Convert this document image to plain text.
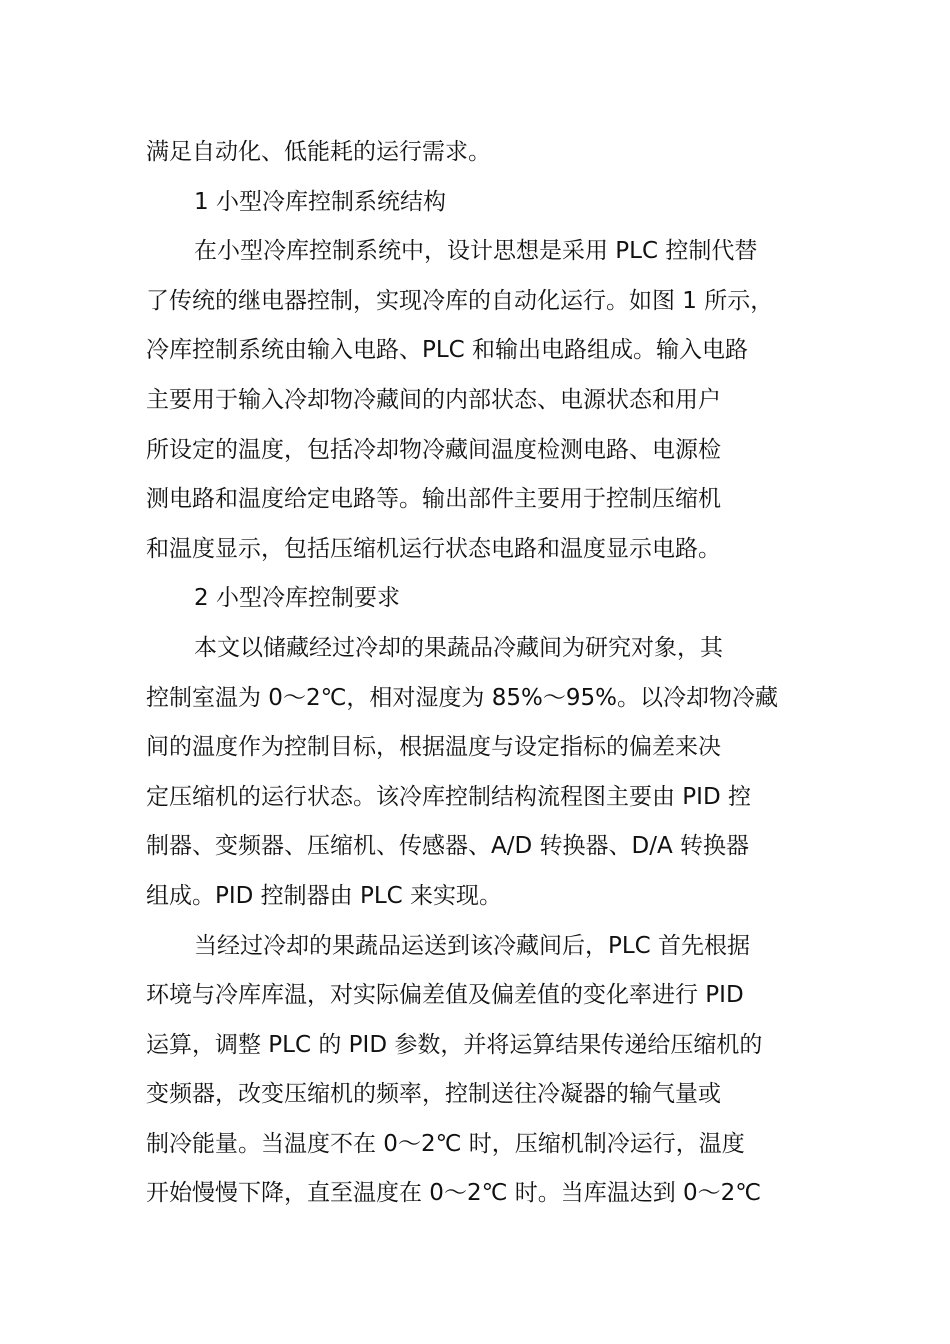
满足自动化、低能耗的运行需求。
1 小型冷库控制系统结构
在小型冷库控制系统中，设计思想是采用 PLC 控制代替
了传统的继电器控制，实现冷库的自动化运行。如图 1 所示，
冷库控制系统由输入电路、PLC 和输出电路组成。输入电路
主要用于输入冷却物冷藏间的内部状态、电源状态和用户
所设定的温度，包括冷却物冷藏间温度检测电路、电源检
测电路和温度给定电路等。输出部件主要用于控制压缩机
和温度显示，包括压缩机运行状态电路和温度显示电路。
2 小型冷库控制要求
本文以储藏经过冷却的果蔬品冷藏间为研究对象，其
控制室温为 0～2℃，相对湿度为 85%～95%。以冷却物冷藏
间的温度作为控制目标，根据温度与设定指标的偏差来决
定压缩机的运行状态。该冷库控制结构流程图主要由 PID 控
制器、变频器、压缩机、传感器、A/D 转换器、D/A 转换器
组成。PID 控制器由 PLC 来实现。
当经过冷却的果蔬品运送到该冷藏间后，PLC 首先根据
环境与冷库库温，对实际偏差值及偏差值的变化率进行 PID
运算，调整 PLC 的 PID 参数，并将运算结果传递给压缩机的
变频器，改变压缩机的频率，控制送往冷凝器的输气量或
制冷能量。当温度不在 0～2℃ 时，压缩机制冷运行，温度
开始慢慢下降，直至温度在 0～2℃ 时。当库温达到 0～2℃
